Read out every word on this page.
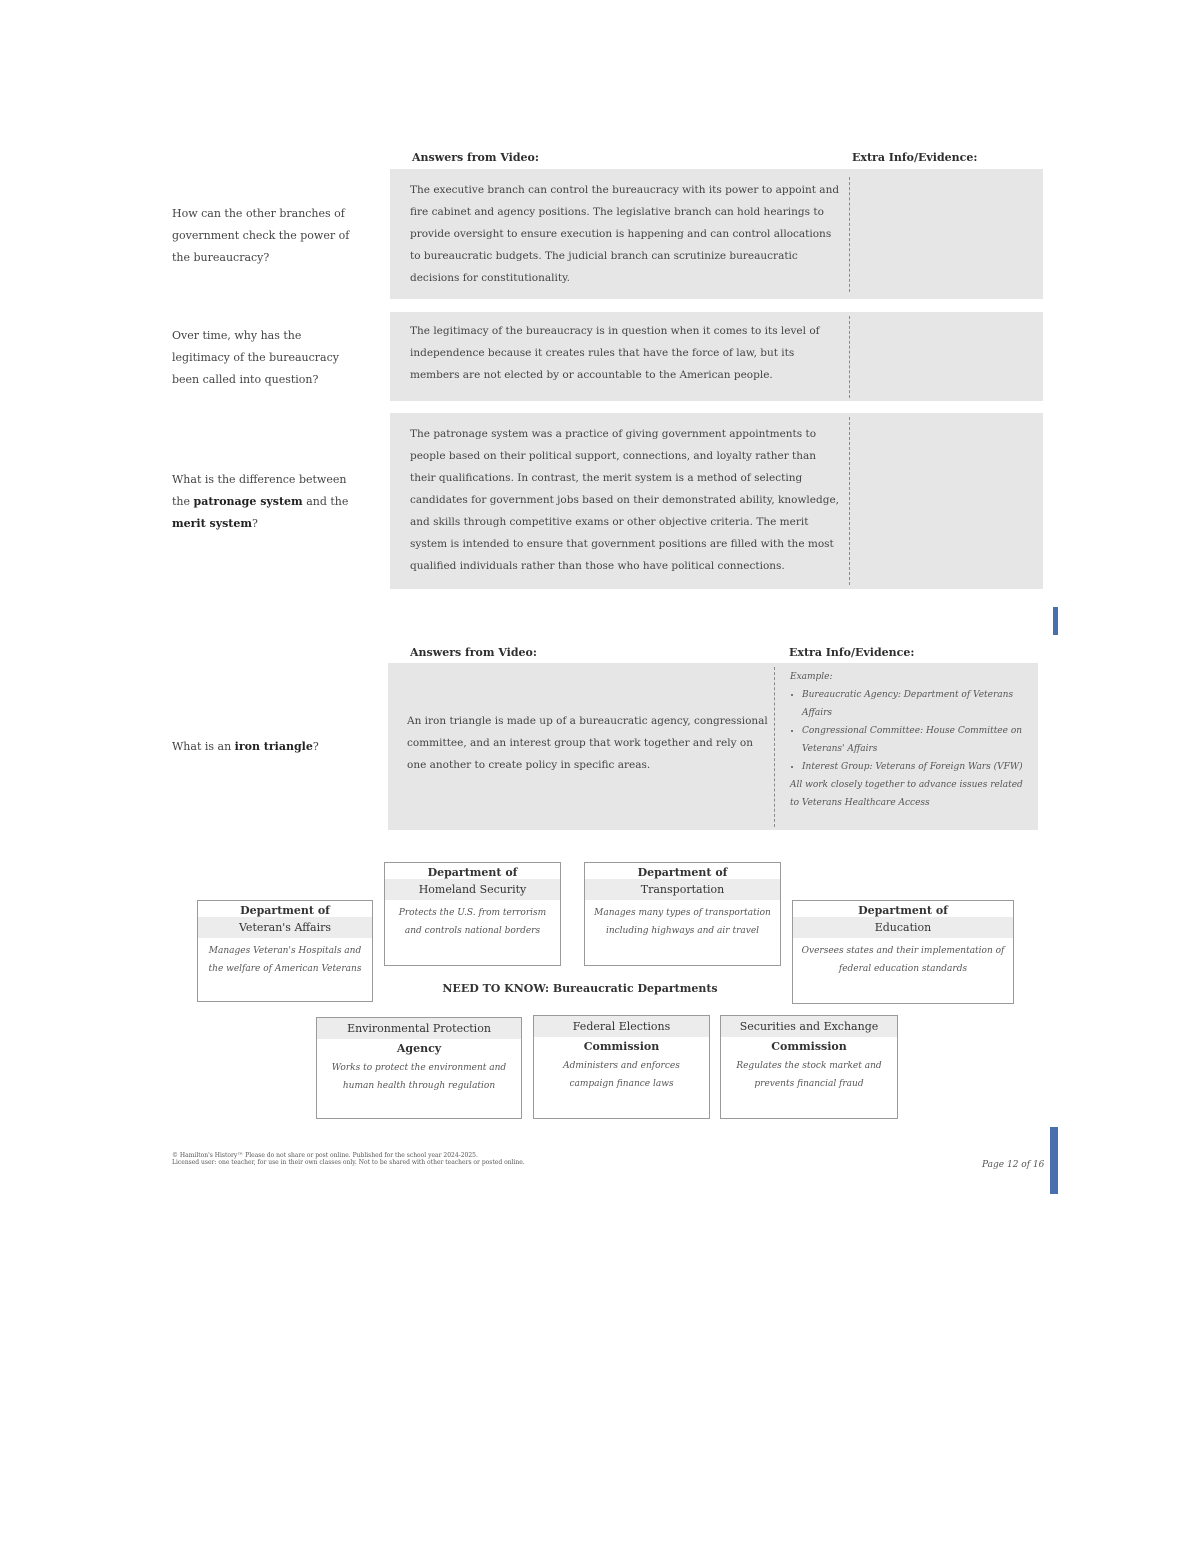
Answers from Video:	Extra Info/Evidence:
How can the other branches of government check the power of the bureaucracy?
The executive branch can control the bureaucracy with its power to appoint and fire cabinet and agency positions. The legislative branch can hold hearings to provide oversight to ensure execution is happening and can control allocations to bureaucratic budgets. The judicial branch can scrutinize bureaucratic decisions for constitutionality.
Over time, why has the legitimacy of the bureaucracy been called into question?
The legitimacy of the bureaucracy is in question when it comes to its level of independence because it creates rules that have the force of law, but its members are not elected by or accountable to the American people.
What is the difference between the patronage system and the merit system?
The patronage system was a practice of giving government appointments to people based on their political support, connections, and loyalty rather than their qualifications. In contrast, the merit system is a method of selecting candidates for government jobs based on their demonstrated ability, knowledge, and skills through competitive exams or other objective criteria. The merit system is intended to ensure that government positions are filled with the most qualified individuals rather than those who have political connections.
Answers from Video:	Extra Info/Evidence:
What is an iron triangle?
An iron triangle is made up of a bureaucratic agency, congressional committee, and an interest group that work together and rely on one another to create policy in specific areas.
Example:
• Bureaucratic Agency: Department of Veterans Affairs
• Congressional Committee: House Committee on Veterans' Affairs
• Interest Group: Veterans of Foreign Wars (VFW)
All work closely together to advance issues related to Veterans Healthcare Access
Department of
Veteran's Affairs
Manages Veteran's Hospitals and the welfare of American Veterans
Department of
Homeland Security
Protects the U.S. from terrorism and controls national borders
Department of
Transportation
Manages many types of transportation including highways and air travel
Department of
Education
Oversees states and their implementation of federal education standards
NEED TO KNOW: Bureaucratic Departments
Environmental Protection
Agency
Works to protect the environment and human health through regulation
Federal Elections
Commission
Administers and enforces campaign finance laws
Securities and Exchange
Commission
Regulates the stock market and prevents financial fraud
© Hamilton's History™ Please do not share or post online. Published for the school year 2024-2025.
Licensed user: one teacher, for use in their own classes only. Not to be shared with other teachers or posted online.	Page 12 of 16
